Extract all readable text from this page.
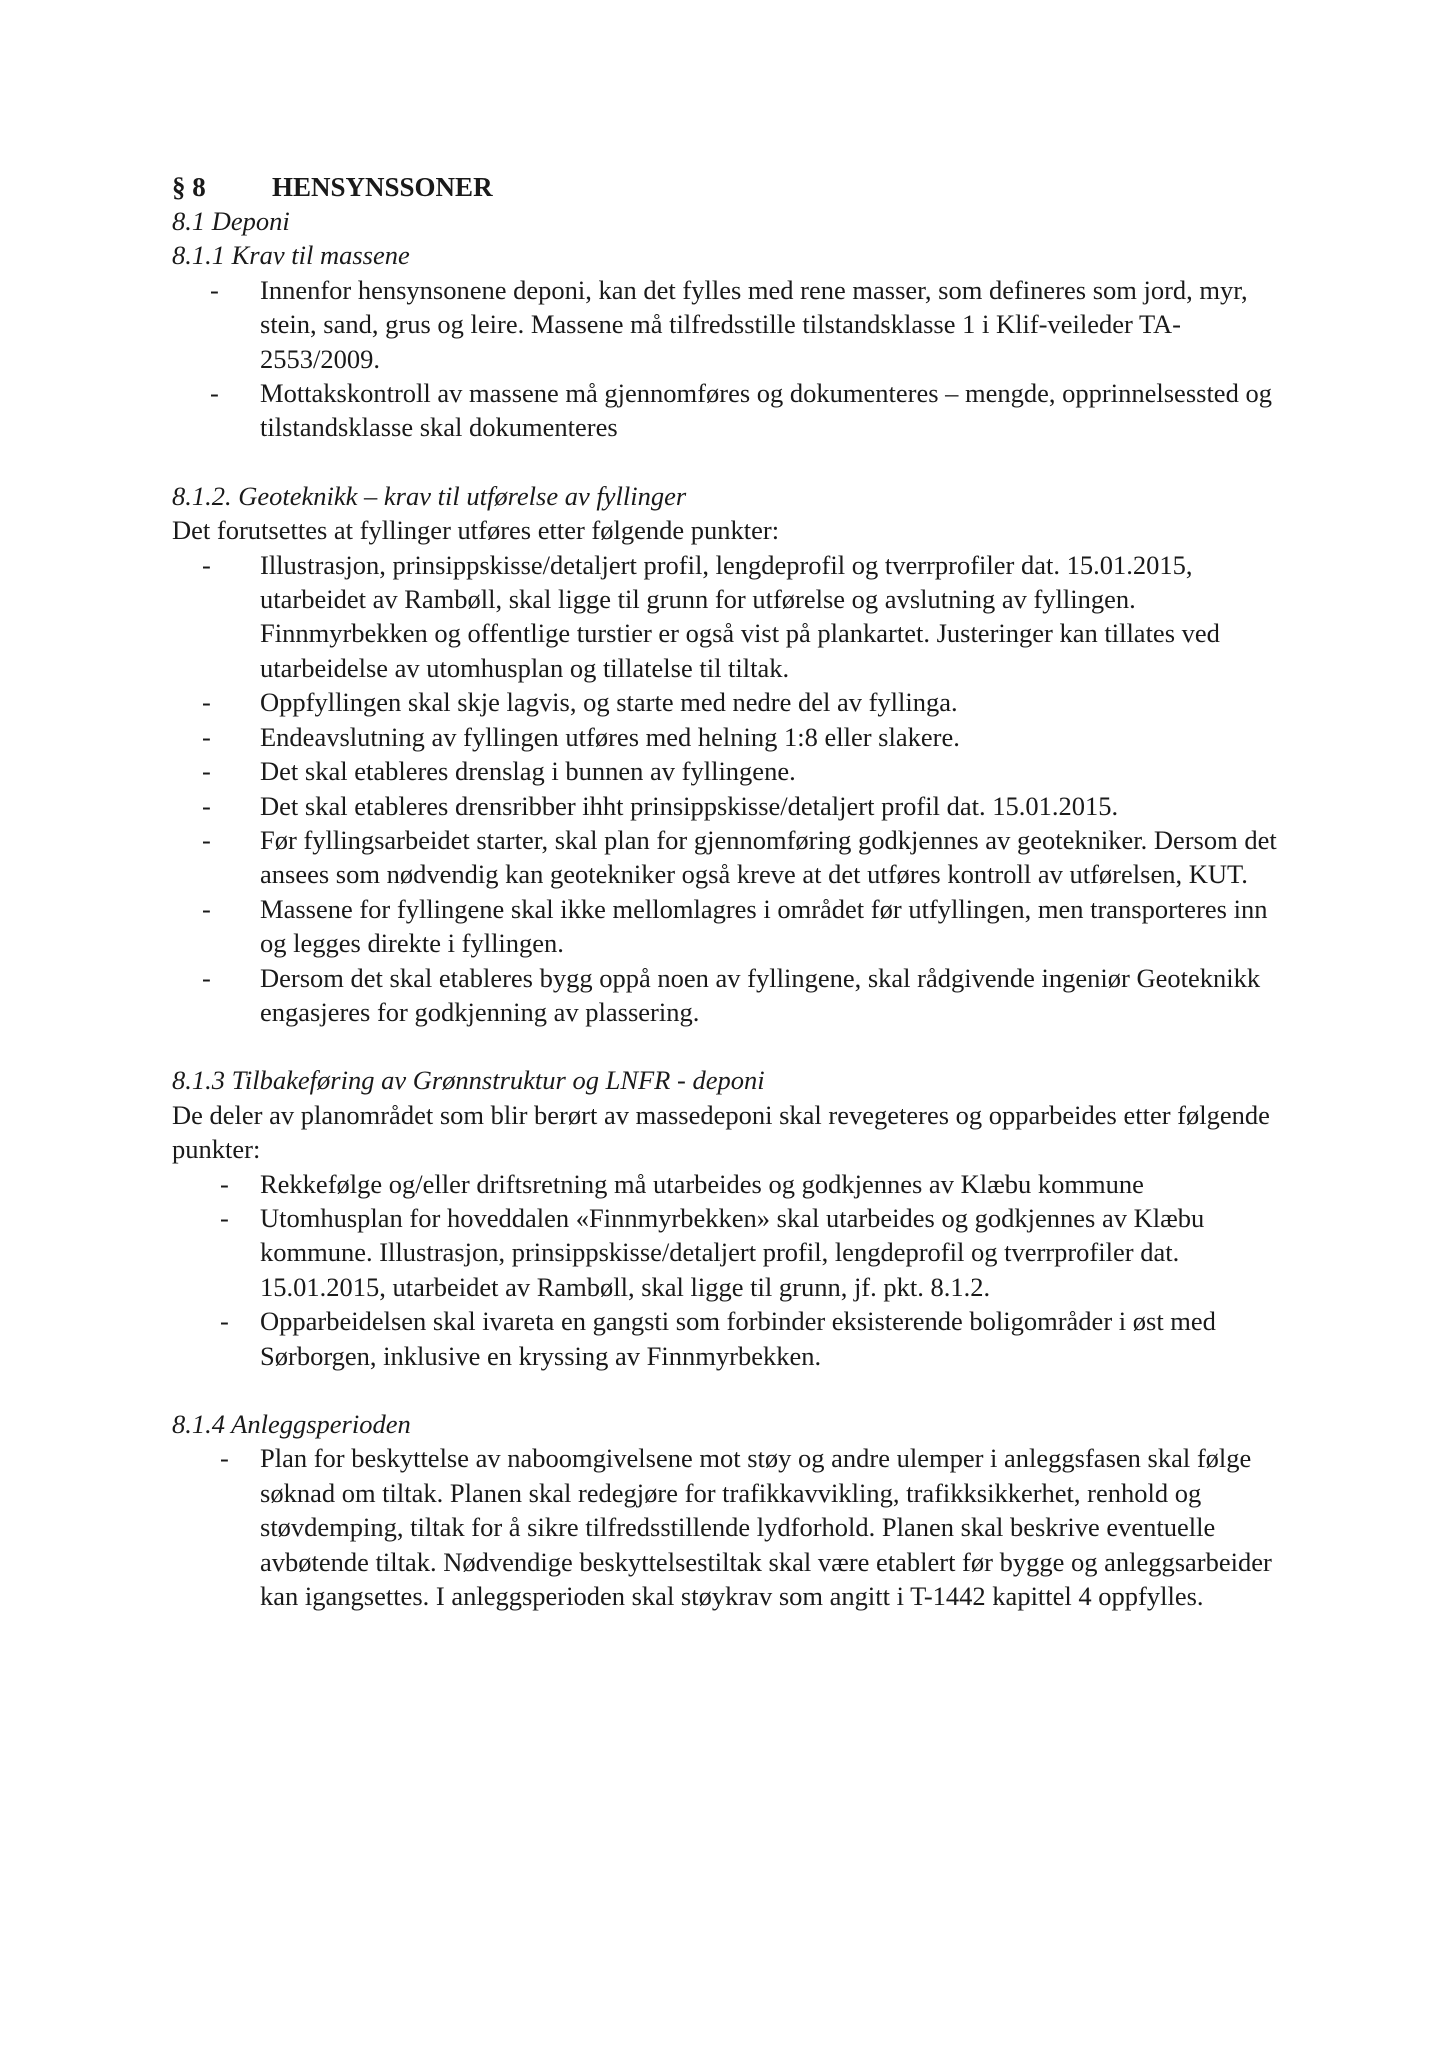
§ 8 HENSYNSSONER
8.1 Deponi
8.1.1 Krav til massene
- Innenfor hensynsonene deponi, kan det fylles med rene masser, som defineres som jord, myr, stein, sand, grus og leire. Massene må tilfredsstille tilstandsklasse 1 i Klif-veileder TA-2553/2009.
- Mottakskontroll av massene må gjennomføres og dokumenteres – mengde, opprinnelsessted og tilstandsklasse skal dokumenteres
8.1.2. Geoteknikk – krav til utførelse av fyllinger
Det forutsettes at fyllinger utføres etter følgende punkter:
- Illustrasjon, prinsippskisse/detaljert profil, lengdeprofil og tverrprofiler dat. 15.01.2015, utarbeidet av Rambøll, skal ligge til grunn for utførelse og avslutning av fyllingen. Finnmyrbekken og offentlige turstier er også vist på plankartet. Justeringer kan tillates ved utarbeidelse av utomhusplan og tillatelse til tiltak.
- Oppfyllingen skal skje lagvis, og starte med nedre del av fyllinga.
- Endeavslutning av fyllingen utføres med helning 1:8 eller slakere.
- Det skal etableres drenslag i bunnen av fyllingene.
- Det skal etableres drensribber ihht prinsippskisse/detaljert profil dat. 15.01.2015.
- Før fyllingsarbeidet starter, skal plan for gjennomføring godkjennes av geotekniker. Dersom det ansees som nødvendig kan geotekniker også kreve at det utføres kontroll av utførelsen, KUT.
- Massene for fyllingene skal ikke mellomlagres i området før utfyllingen, men transporteres inn og legges direkte i fyllingen.
- Dersom det skal etableres bygg oppå noen av fyllingene, skal rådgivende ingeniør Geoteknikk engasjeres for godkjenning av plassering.
8.1.3 Tilbakeføring av Grønnstruktur og LNFR - deponi
De deler av planområdet som blir berørt av massedeponi skal revegeteres og opparbeides etter følgende punkter:
- Rekkefølge og/eller driftsretning må utarbeides og godkjennes av Klæbu kommune
- Utomhusplan for hoveddalen «Finnmyrbekken» skal utarbeides og godkjennes av Klæbu kommune. Illustrasjon, prinsippskisse/detaljert profil, lengdeprofil og tverrprofiler dat. 15.01.2015, utarbeidet av Rambøll, skal ligge til grunn, jf. pkt. 8.1.2.
- Opparbeidelsen skal ivareta en gangsti som forbinder eksisterende boligområder i øst med Sørborgen, inklusive en kryssing av Finnmyrbekken.
8.1.4 Anleggsperioden
- Plan for beskyttelse av naboomgivelsene mot støy og andre ulemper i anleggsfasen skal følge søknad om tiltak. Planen skal redegjøre for trafikkavvikling, trafikksikkerhet, renhold og støvdemping, tiltak for å sikre tilfredsstillende lydforhold. Planen skal beskrive eventuelle avbøtende tiltak. Nødvendige beskyttelsestiltak skal være etablert før bygge og anleggsarbeider kan igangsettes. I anleggsperioden skal støykrav som angitt i T-1442 kapittel 4 oppfylles.
